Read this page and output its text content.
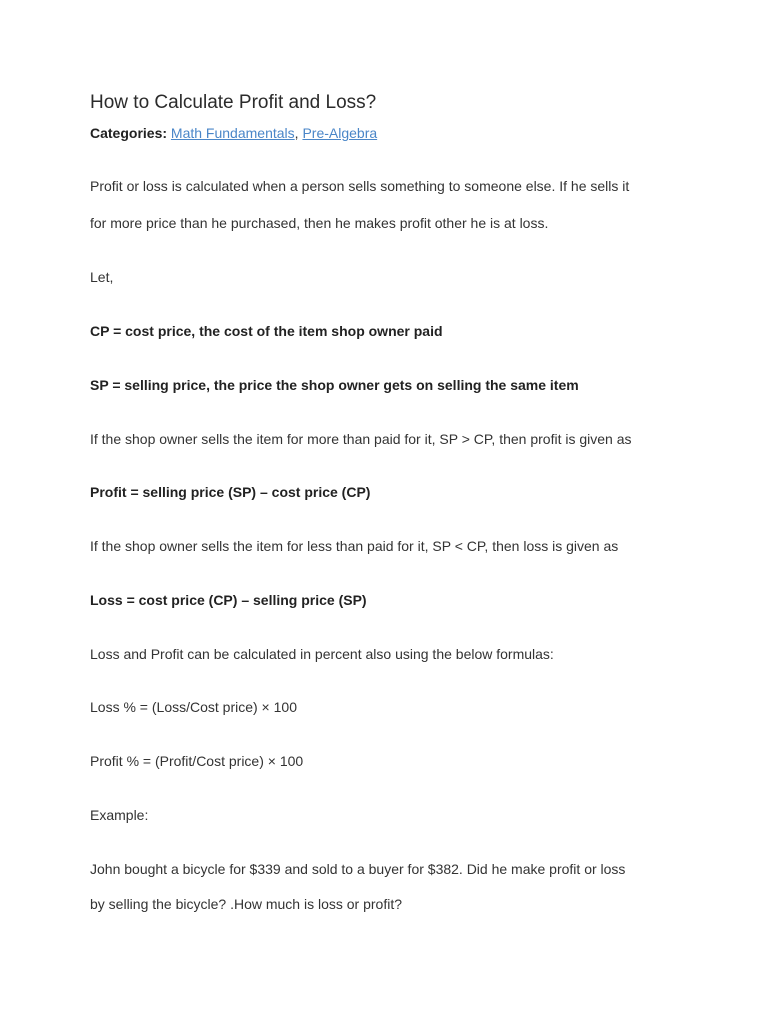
How to Calculate Profit and Loss?
Categories: Math Fundamentals, Pre-Algebra

Profit or loss is calculated when a person sells something to someone else. If he sells it

for more price than he purchased, then he makes profit other he is at loss.

Let,

CP = cost price, the cost of the item shop owner paid

SP = selling price, the price the shop owner gets on selling the same item

If the shop owner sells the item for more than paid for it, SP > CP, then profit is given as

Profit = selling price (SP) – cost price (CP)

If the shop owner sells the item for less than paid for it, SP < CP, then loss is given as

Loss = cost price (CP) – selling price (SP)

Loss and Profit can be calculated in percent also using the below formulas:

Loss % = (Loss/Cost price) × 100

Profit % = (Profit/Cost price) × 100

Example:

John bought a bicycle for $339 and sold to a buyer for $382. Did he make profit or loss

by selling the bicycle? .How much is loss or profit?
